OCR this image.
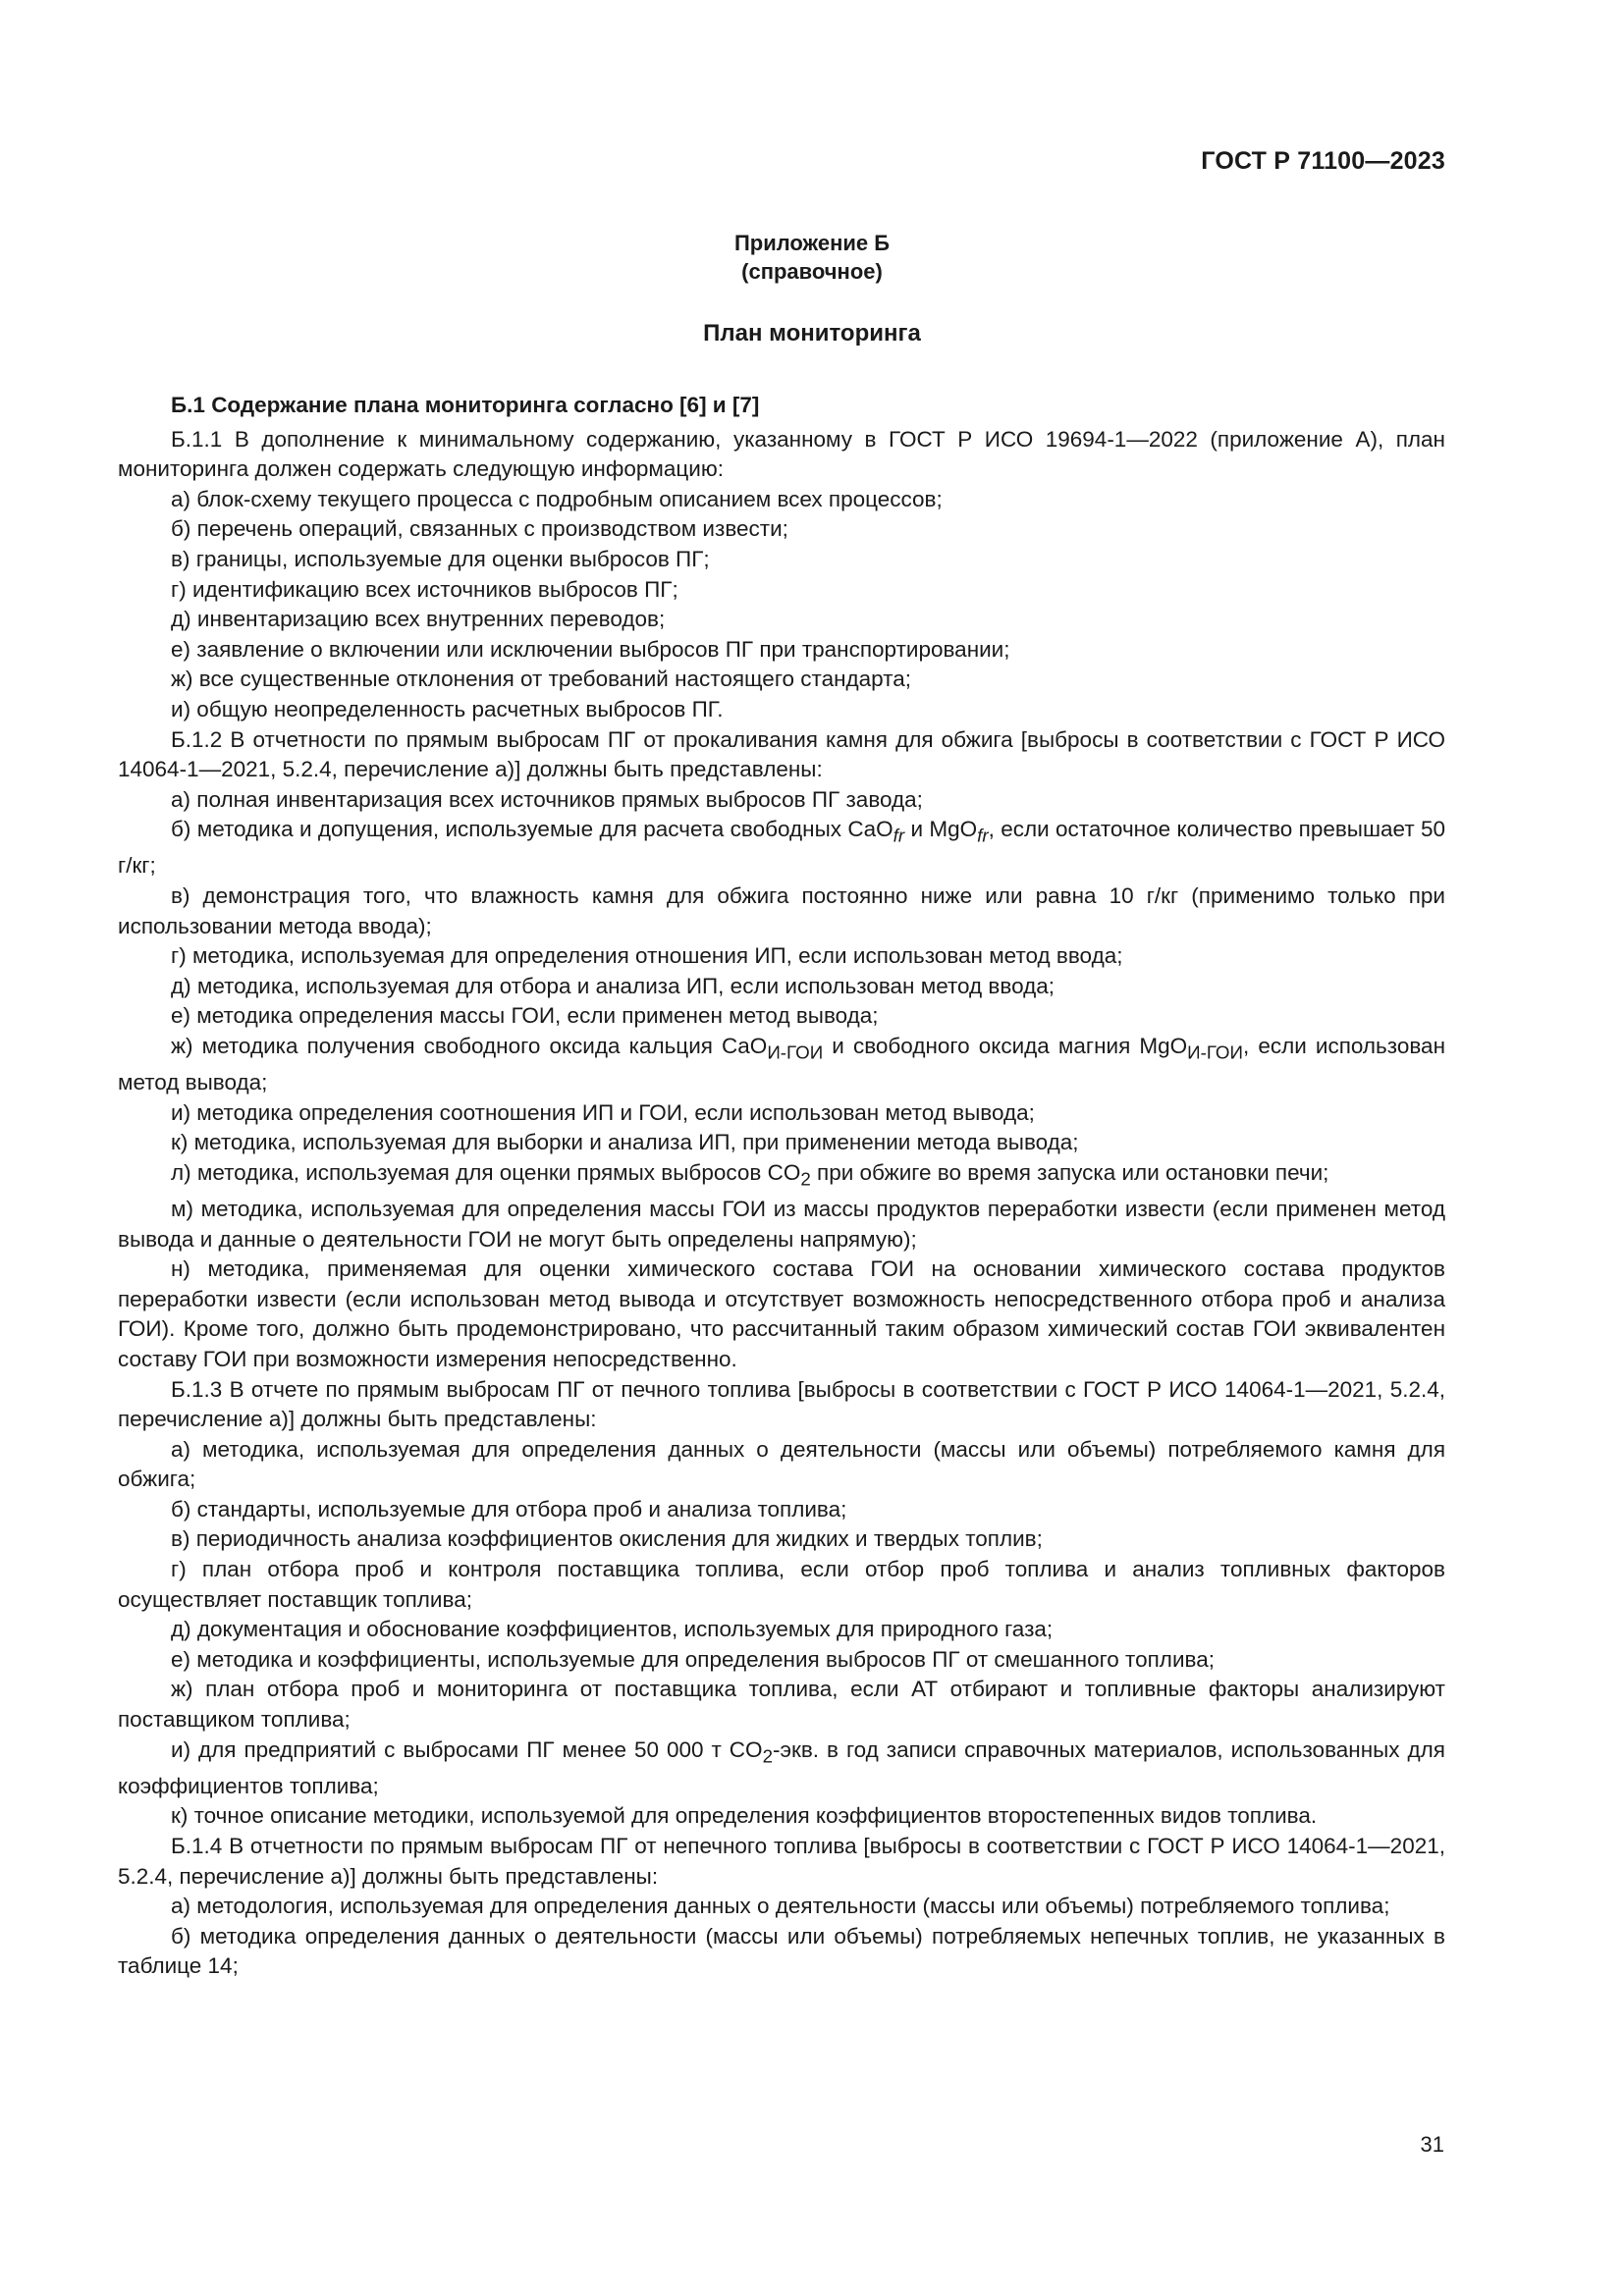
ГОСТ Р 71100—2023
Приложение Б
(справочное)
План мониторинга

Б.1 Содержание плана мониторинга согласно [6] и [7]

Б.1.1 В дополнение к минимальному содержанию, указанному в ГОСТ Р ИСО 19694-1—2022 (приложение А), план мониторинга должен содержать следующую информацию:

а) блок-схему текущего процесса с подробным описанием всех процессов;

б) перечень операций, связанных с производством извести;

в) границы, используемые для оценки выбросов ПГ;

г) идентификацию всех источников выбросов ПГ;

д) инвентаризацию всех внутренних переводов;

е) заявление о включении или исключении выбросов ПГ при транспортировании;

ж) все существенные отклонения от требований настоящего стандарта;

и) общую неопределенность расчетных выбросов ПГ.

Б.1.2 В отчетности по прямым выбросам ПГ от прокаливания камня для обжига [выбросы в соответствии с ГОСТ Р ИСО 14064-1—2021, 5.2.4, перечисление а)] должны быть представлены:

а) полная инвентаризация всех источников прямых выбросов ПГ завода;

б) методика и допущения, используемые для расчета свободных CaO$_{fr}$ и MgO$_{fr}$, если остаточное количество превышает 50 г/кг;

в) демонстрация того, что влажность камня для обжига постоянно ниже или равна 10 г/кг (применимо только при использовании метода ввода);

г) методика, используемая для определения отношения ИП, если использован метод ввода;

д) методика, используемая для отбора и анализа ИП, если использован метод ввода;

е) методика определения массы ГОИ, если применен метод вывода;

ж) методика получения свободного оксида кальция CaO$_{И-ГОИ}$ и свободного оксида магния MgO$_{И-ГОИ}$, если использован метод вывода;

и) методика определения соотношения ИП и ГОИ, если использован метод вывода;

к) методика, используемая для выборки и анализа ИП, при применении метода вывода;

л) методика, используемая для оценки прямых выбросов $CO_2$ при обжиге во время запуска или остановки печи;

м) методика, используемая для определения массы ГОИ из массы продуктов переработки извести (если применен метод вывода и данные о деятельности ГОИ не могут быть определены напрямую);

н) методика, применяемая для оценки химического состава ГОИ на основании химического состава продуктов переработки извести (если использован метод вывода и отсутствует возможность непосредственного отбора проб и анализа ГОИ). Кроме того, должно быть продемонстрировано, что рассчитанный таким образом химический состав ГОИ эквивалентен составу ГОИ при возможности измерения непосредственно.

Б.1.3 В отчете по прямым выбросам ПГ от печного топлива [выбросы в соответствии с ГОСТ Р ИСО 14064-1—2021, 5.2.4, перечисление а)] должны быть представлены:

а) методика, используемая для определения данных о деятельности (массы или объемы) потребляемого камня для обжига;

б) стандарты, используемые для отбора проб и анализа топлива;

в) периодичность анализа коэффициентов окисления для жидких и твердых топлив;

г) план отбора проб и контроля поставщика топлива, если отбор проб топлива и анализ топливных факторов осуществляет поставщик топлива;

д) документация и обоснование коэффициентов, используемых для природного газа;

е) методика и коэффициенты, используемые для определения выбросов ПГ от смешанного топлива;

ж) план отбора проб и мониторинга от поставщика топлива, если АТ отбирают и топливные факторы анализируют поставщиком топлива;

и) для предприятий с выбросами ПГ менее 50 000 т $CO_2$-экв. в год записи справочных материалов, использованных для коэффициентов топлива;

к) точное описание методики, используемой для определения коэффициентов второстепенных видов топлива.

Б.1.4 В отчетности по прямым выбросам ПГ от непечного топлива [выбросы в соответствии с ГОСТ Р ИСО 14064-1—2021, 5.2.4, перечисление а)] должны быть представлены:

а) методология, используемая для определения данных о деятельности (массы или объемы) потребляемого топлива;

б) методика определения данных о деятельности (массы или объемы) потребляемых непечных топлив, не указанных в таблице 14;

31
